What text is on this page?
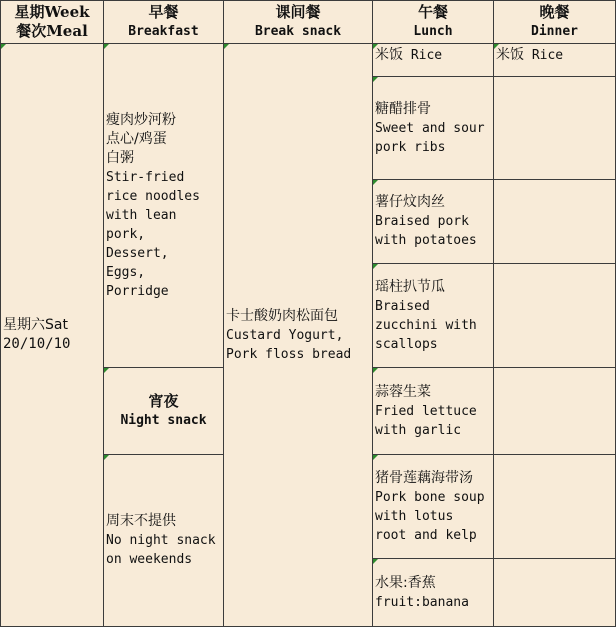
星期Week
餐次Meal
早餐
Breakfast
课间餐
Break snack
午餐
Lunch
晚餐
Dinner
星期六Sat
20/10/10
瘦肉炒河粉
点心/鸡蛋
白粥
Stir-fried
rice noodles
with lean
pork,
Dessert,
Eggs,
Porridge
宵夜
Night snack
周末不提供
No night snack
on weekends
卡士酸奶肉松面包
Custard Yogurt,
Pork floss bread
米饭 Rice
糖醋排骨
Sweet and sour
pork ribs
薯仔炆肉丝
Braised pork
with potatoes
瑶柱扒节瓜
Braised
zucchini with
scallops
蒜蓉生菜
Fried lettuce
with garlic
猪骨莲藕海带汤
Pork bone soup
with lotus
root and kelp
水果:香蕉
fruit:banana
米饭 Rice
